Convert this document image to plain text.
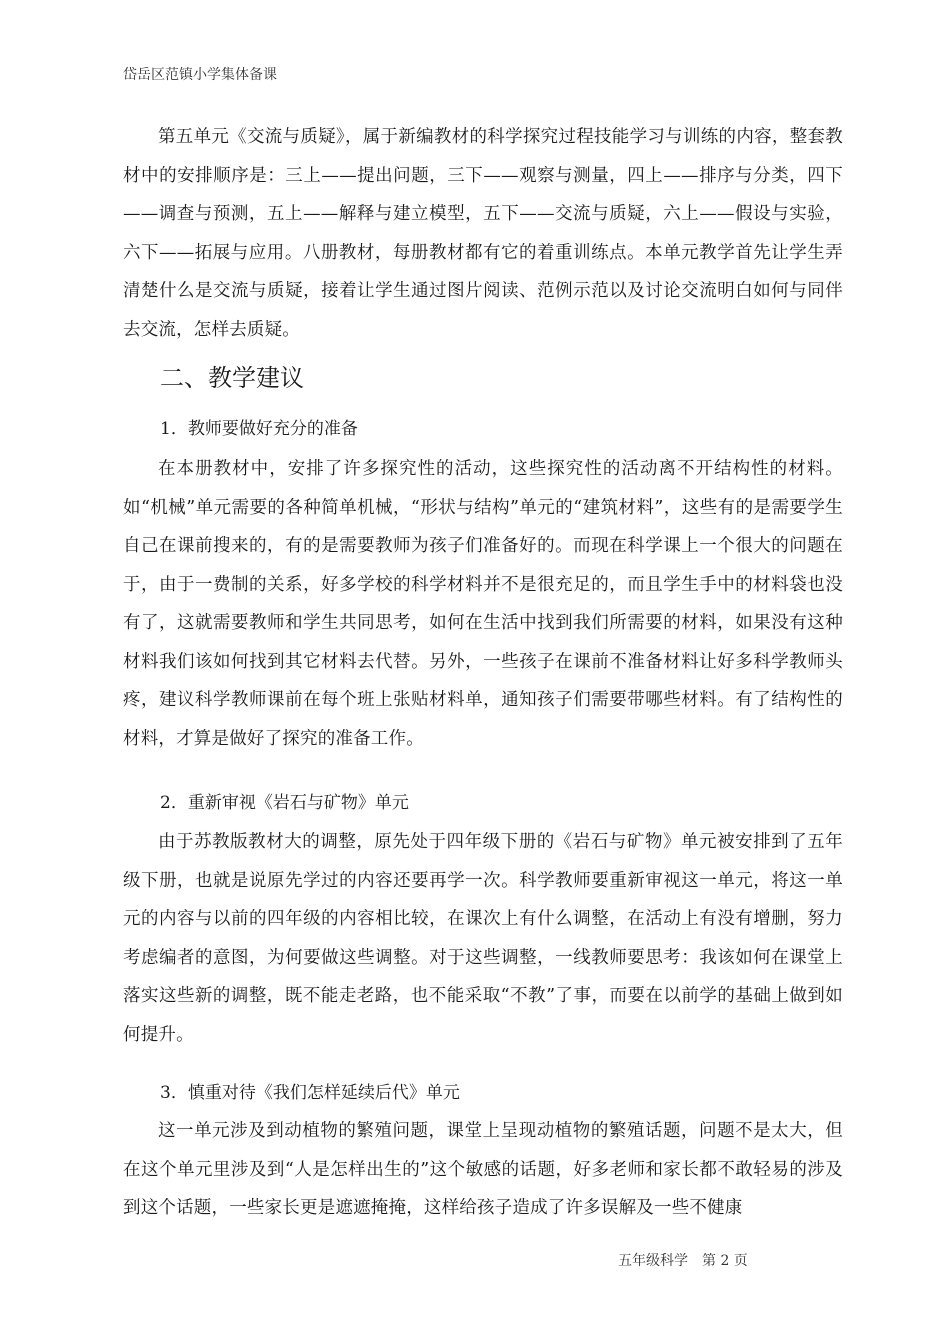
岱岳区范镇小学集体备课

第五单元《交流与质疑》，属于新编教材的科学探究过程技能学习与训练的内容，整套教材中的安排顺序是：三上——提出问题，三下——观察与测量，四上——排序与分类，四下——调查与预测，五上——解释与建立模型，五下——交流与质疑，六上——假设与实验，六下——拓展与应用。八册教材，每册教材都有它的着重训练点。本单元教学首先让学生弄清楚什么是交流与质疑，接着让学生通过图片阅读、范例示范以及讨论交流明白如何与同伴去交流，怎样去质疑。

二、教学建议
1．教师要做好充分的准备

在本册教材中，安排了许多探究性的活动，这些探究性的活动离不开结构性的材料。如“机械”单元需要的各种简单机械，“形状与结构”单元的“建筑材料”，这些有的是需要学生自己在课前搜来的，有的是需要教师为孩子们准备好的。而现在科学课上一个很大的问题在于，由于一费制的关系，好多学校的科学材料并不是很充足的，而且学生手中的材料袋也没有了，这就需要教师和学生共同思考，如何在生活中找到我们所需要的材料，如果没有这种材料我们该如何找到其它材料去代替。另外，一些孩子在课前不准备材料让好多科学教师头疼，建议科学教师课前在每个班上张贴材料单，通知孩子们需要带哪些材料。有了结构性的材料，才算是做好了探究的准备工作。

2．重新审视《岩石与矿物》单元

由于苏教版教材大的调整，原先处于四年级下册的《岩石与矿物》单元被安排到了五年级下册，也就是说原先学过的内容还要再学一次。科学教师要重新审视这一单元，将这一单元的内容与以前的四年级的内容相比较，在课次上有什么调整，在活动上有没有增删，努力考虑编者的意图，为何要做这些调整。对于这些调整，一线教师要思考：我该如何在课堂上落实这些新的调整，既不能走老路，也不能采取“不教”了事，而要在以前学的基础上做到如何提升。

3．慎重对待《我们怎样延续后代》单元

这一单元涉及到动植物的繁殖问题，课堂上呈现动植物的繁殖话题，问题不是太大，但在这个单元里涉及到“人是怎样出生的”这个敏感的话题，好多老师和家长都不敢轻易的涉及到这个话题，一些家长更是遮遮掩掩，这样给孩子造成了许多误解及一些不健康

五年级科学　第 2 页
